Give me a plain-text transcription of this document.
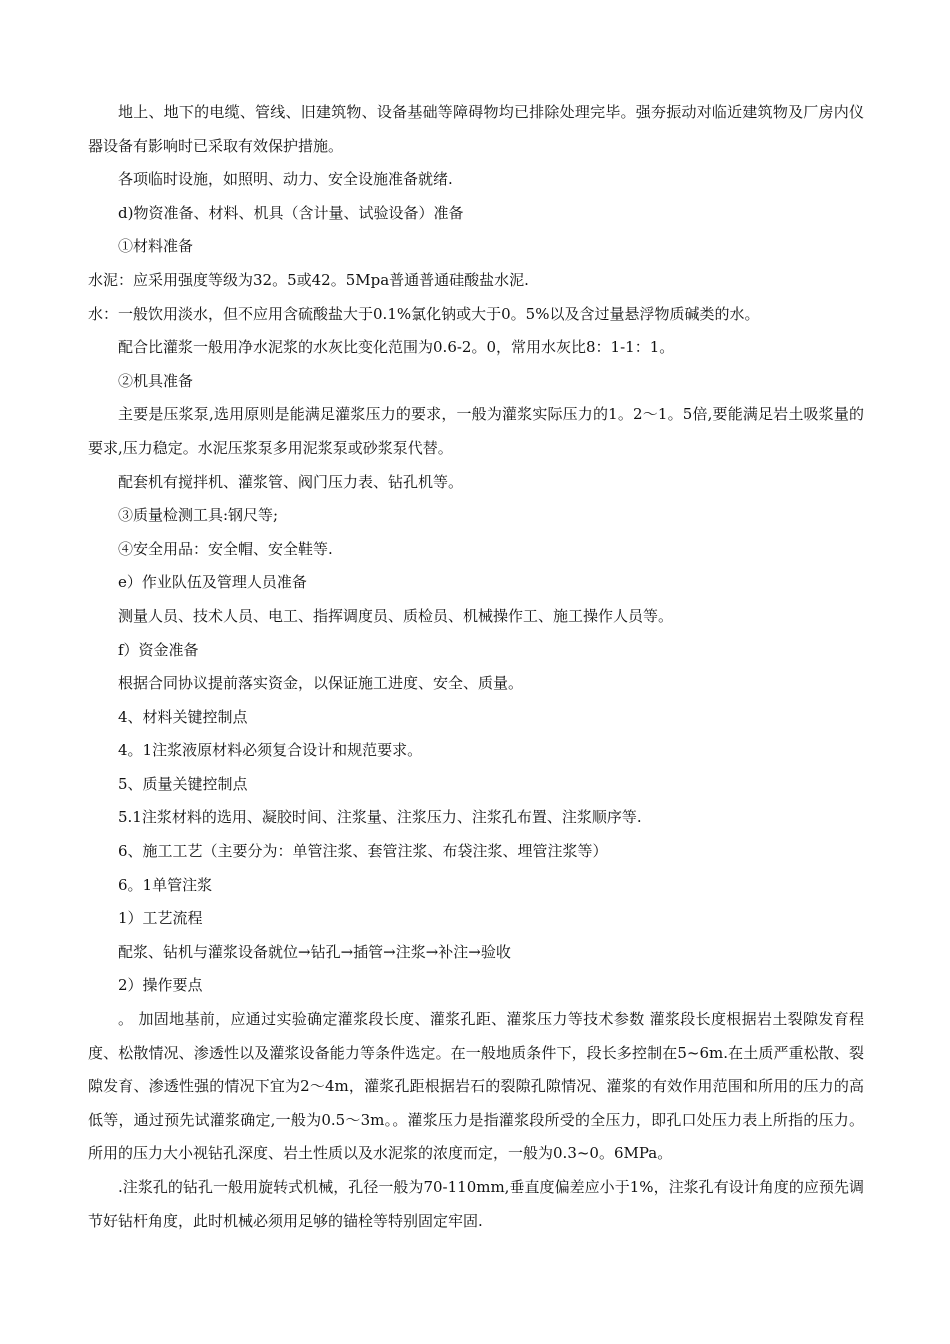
地上、地下的电缆、管线、旧建筑物、设备基础等障碍物均已排除处理完毕。强夯振动对临近建筑物及厂房内仪器设备有影响时已采取有效保护措施。

各项临时设施，如照明、动力、安全设施准备就绪.

d)物资准备、材料、机具（含计量、试验设备）准备

①材料准备

水泥：应采用强度等级为32。5或42。5Mpa普通普通硅酸盐水泥.

水：一般饮用淡水，但不应用含硫酸盐大于0.1%氯化钠或大于0。5%以及含过量悬浮物质碱类的水。

配合比灌浆一般用净水泥浆的水灰比变化范围为0.6-2。0，常用水灰比8：1-1：1。

②机具准备

主要是压浆泵,选用原则是能满足灌浆压力的要求，一般为灌浆实际压力的1。2～1。5倍,要能满足岩土吸浆量的要求,压力稳定。水泥压浆泵多用泥浆泵或砂浆泵代替。

配套机有搅拌机、灌浆管、阀门压力表、钻孔机等。

③质量检测工具:钢尺等;

④安全用品：安全帽、安全鞋等.

e）作业队伍及管理人员准备

测量人员、技术人员、电工、指挥调度员、质检员、机械操作工、施工操作人员等。

f）资金准备

根据合同协议提前落实资金，以保证施工进度、安全、质量。

4、材料关键控制点

4。1注浆液原材料必须复合设计和规范要求。

5、质量关键控制点

5.1注浆材料的选用、凝胶时间、注浆量、注浆压力、注浆孔布置、注浆顺序等.

6、施工工艺（主要分为：单管注浆、套管注浆、布袋注浆、埋管注浆等）

6。1单管注浆

1）工艺流程

配浆、钻机与灌浆设备就位→钻孔→插管→注浆→补注→验收

2）操作要点

。 加固地基前，应通过实验确定灌浆段长度、灌浆孔距、灌浆压力等技术参数 灌浆段长度根据岩土裂隙发育程度、松散情况、渗透性以及灌浆设备能力等条件选定。在一般地质条件下，段长多控制在5~6m.在土质严重松散、裂隙发育、渗透性强的情况下宜为2～4m，灌浆孔距根据岩石的裂隙孔隙情况、灌浆的有效作用范围和所用的压力的高低等，通过预先试灌浆确定,一般为0.5～3m。。灌浆压力是指灌浆段所受的全压力，即孔口处压力表上所指的压力。所用的压力大小视钻孔深度、岩土性质以及水泥浆的浓度而定，一般为0.3~0。6MPa。

.注浆孔的钻孔一般用旋转式机械，孔径一般为70-110mm,垂直度偏差应小于1%，注浆孔有设计角度的应预先调节好钻杆角度，此时机械必须用足够的锚栓等特别固定牢固.
